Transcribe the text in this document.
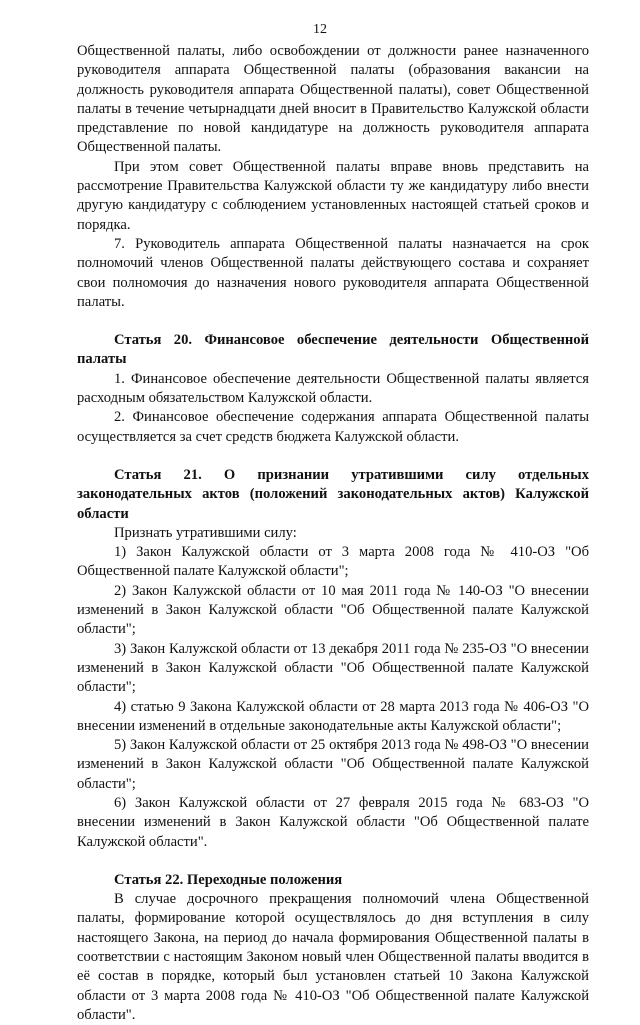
12

Общественной палаты, либо освобождении от должности ранее назначенного руководителя аппарата Общественной палаты (образования вакансии на должность руководителя аппарата Общественной палаты), совет Общественной палаты в течение четырнадцати дней вносит в Правительство Калужской области представление по новой кандидатуре на должность руководителя аппарата Общественной палаты.

При этом совет Общественной палаты вправе вновь представить на рассмотрение Правительства Калужской области ту же кандидатуру либо внести другую кандидатуру с соблюдением установленных настоящей статьей сроков и порядка.

7. Руководитель аппарата Общественной палаты назначается на срок полномочий членов Общественной палаты действующего состава и сохраняет свои полномочия до назначения нового руководителя аппарата Общественной палаты.

Статья 20. Финансовое обеспечение деятельности Общественной палаты

1. Финансовое обеспечение деятельности Общественной палаты является расходным обязательством Калужской области.

2. Финансовое обеспечение содержания аппарата Общественной палаты осуществляется за счет средств бюджета Калужской области.

Статья 21. О признании утратившими силу отдельных законодательных актов (положений законодательных актов) Калужской области

Признать утратившими силу:

1) Закон Калужской области от 3 марта 2008 года № 410-ОЗ "Об Общественной палате Калужской области";

2) Закон Калужской области от 10 мая 2011 года № 140-ОЗ "О внесении изменений в Закон Калужской области "Об Общественной палате Калужской области";

3) Закон Калужской области от 13 декабря 2011 года № 235-ОЗ "О внесении изменений в Закон Калужской области "Об Общественной палате Калужской области";

4) статью 9 Закона Калужской области от 28 марта 2013 года № 406-ОЗ "О внесении изменений в отдельные законодательные акты Калужской области";

5) Закон Калужской области от 25 октября 2013 года № 498-ОЗ "О внесении изменений в Закон Калужской области "Об Общественной палате Калужской области";

6) Закон Калужской области от 27 февраля 2015 года № 683-ОЗ "О внесении изменений в Закон Калужской области "Об Общественной палате Калужской области".

Статья 22. Переходные положения

В случае досрочного прекращения полномочий члена Общественной палаты, формирование которой осуществлялось до дня вступления в силу настоящего Закона, на период до начала формирования Общественной палаты в соответствии с настоящим Законом новый член Общественной палаты вводится в её состав в порядке, который был установлен статьей 10 Закона Калужской области от 3 марта 2008 года № 410-ОЗ "Об Общественной палате Калужской области".
